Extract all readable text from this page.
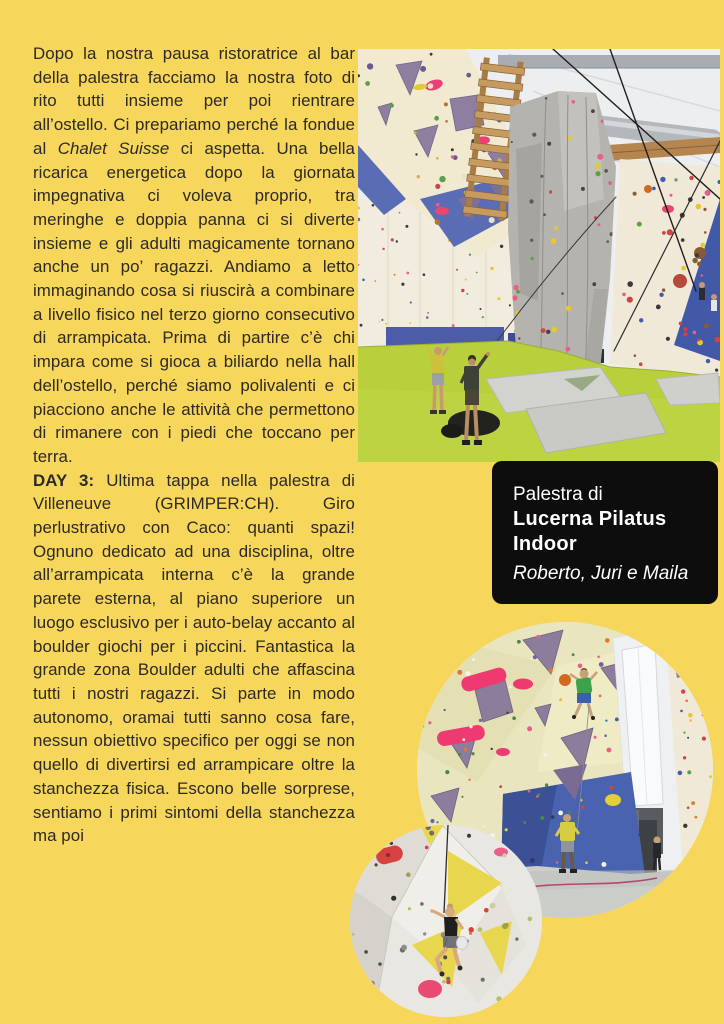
Dopo la nostra pausa ristoratrice al bar della palestra facciamo la nostra foto di rito tutti insieme per poi rientrare all’ostello. Ci prepariamo perché la fondue al Chalet Suisse ci aspetta. Una bella ricarica energetica dopo la giornata impegnativa ci voleva proprio, tra meringhe e doppia panna ci si diverte insieme e gli adulti magicamente tornano anche un po’ ragazzi. Andiamo a letto immaginando cosa si riuscirà a combinare a livello fisico nel terzo giorno consecutivo di arrampicata. Prima di partire c’è chi impara come si gioca a biliardo nella hall dell’ostello, perché siamo polivalenti e ci piacciono anche le attività che permettono di rimanere con i piedi che toccano per terra.

DAY 3: Ultima tappa nella palestra di Villeneuve (GRIMPER:CH). Giro perlustrativo con Caco: quanti spazi! Ognuno dedicato ad una disciplina, oltre all’arrampicata interna c’è la grande parete esterna, al piano superiore un luogo esclusivo per i auto-belay accanto al boulder giochi per i piccini. Fantastica la grande zona Boulder adulti che affascina tutti i nostri ragazzi. Si parte in modo autonomo, oramai tutti sanno cosa fare, nessun obiettivo specifico per oggi se non quello di divertirsi ed arrampicare oltre la stanchezza fisica. Escono belle sorprese, sentiamo i primi sintomi della stanchezza ma poi

Palestra di
Lucerna Pilatus Indoor
Roberto, Juri e Maila
